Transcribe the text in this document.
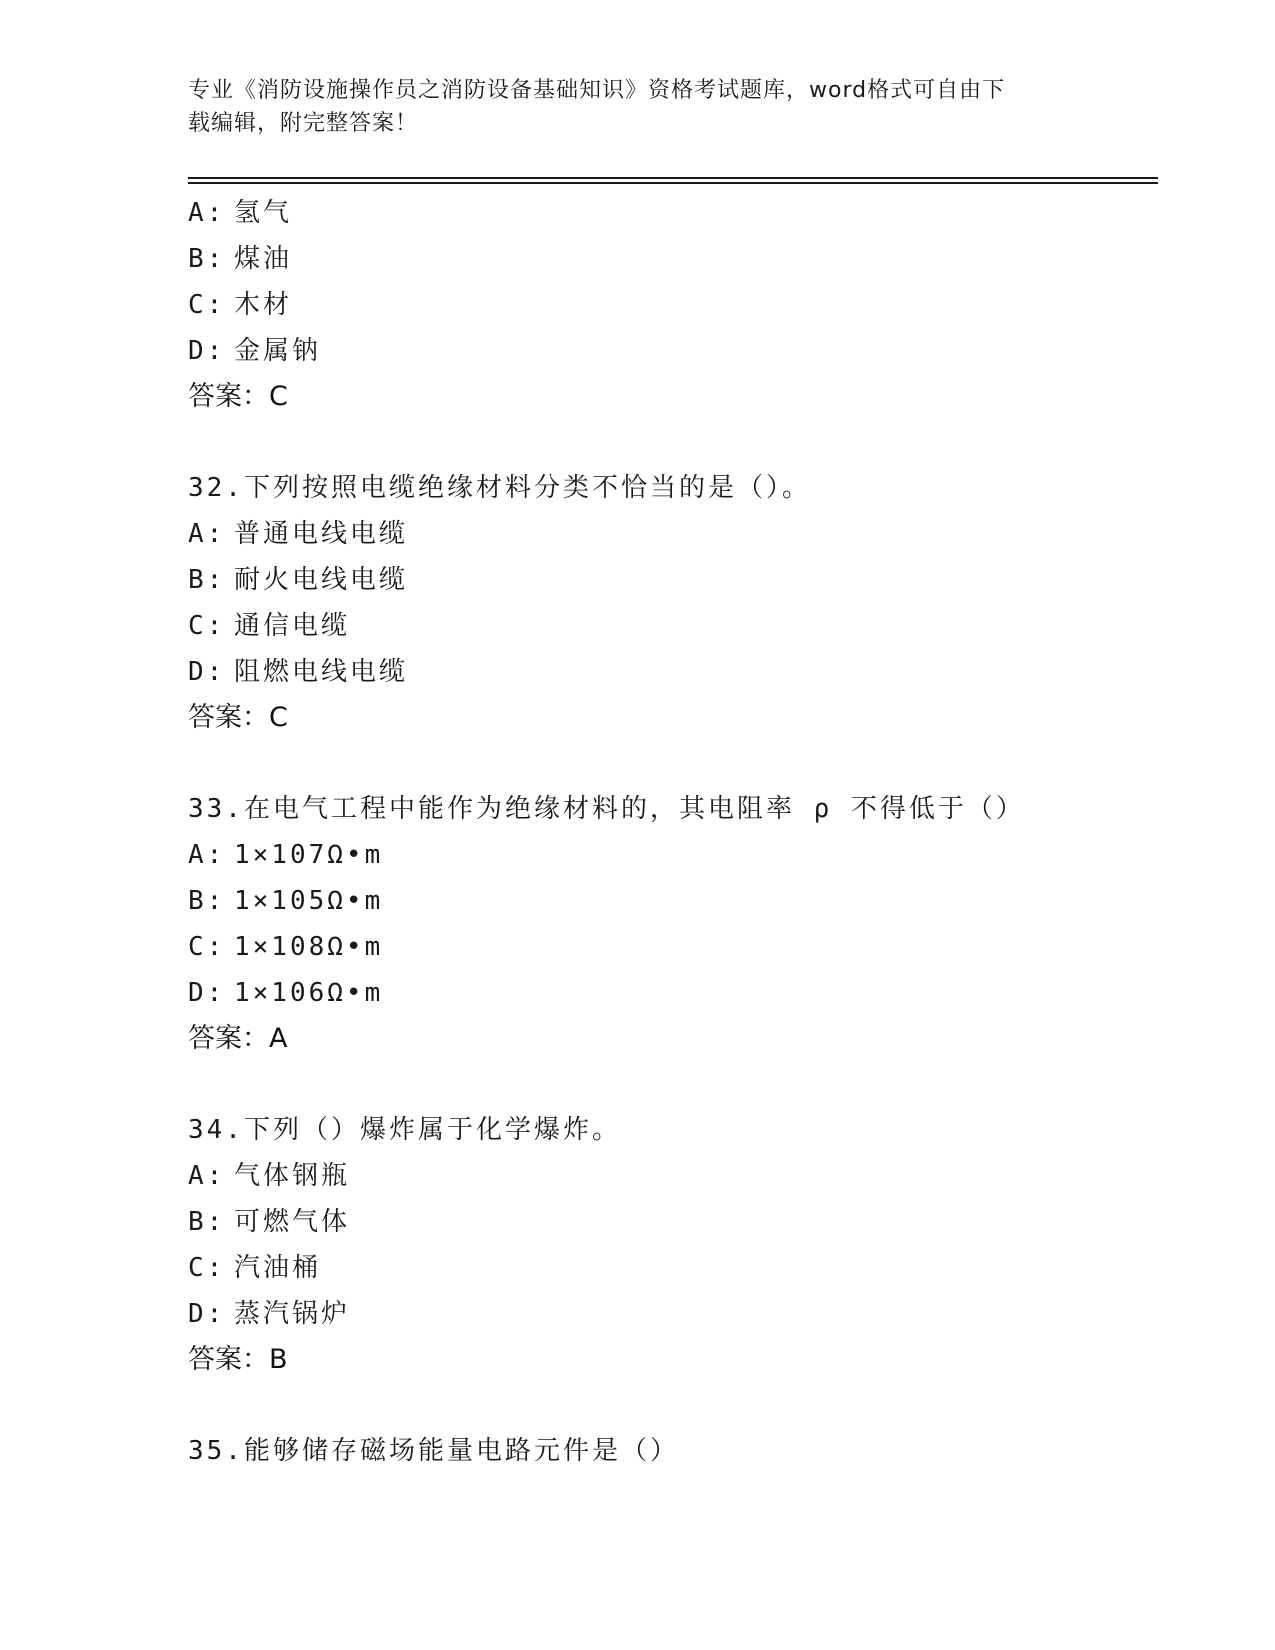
专业《消防设施操作员之消防设备基础知识》资格考试题库，word格式可自由下
载编辑，附完整答案！
A: 氢气
B: 煤油
C: 木材
D: 金属钠
答案：C
32.下列按照电缆绝缘材料分类不恰当的是（）。
A: 普通电线电缆
B: 耐火电线电缆
C: 通信电缆
D: 阻燃电线电缆
答案：C
33.在电气工程中能作为绝缘材料的，其电阻率 ρ 不得低于（）
A: 1×107Ω•m
B: 1×105Ω•m
C: 1×108Ω•m
D: 1×106Ω•m
答案：A
34.下列（）爆炸属于化学爆炸。
A: 气体钢瓶
B: 可燃气体
C: 汽油桶
D: 蒸汽锅炉
答案：B
35.能够储存磁场能量电路元件是（）
